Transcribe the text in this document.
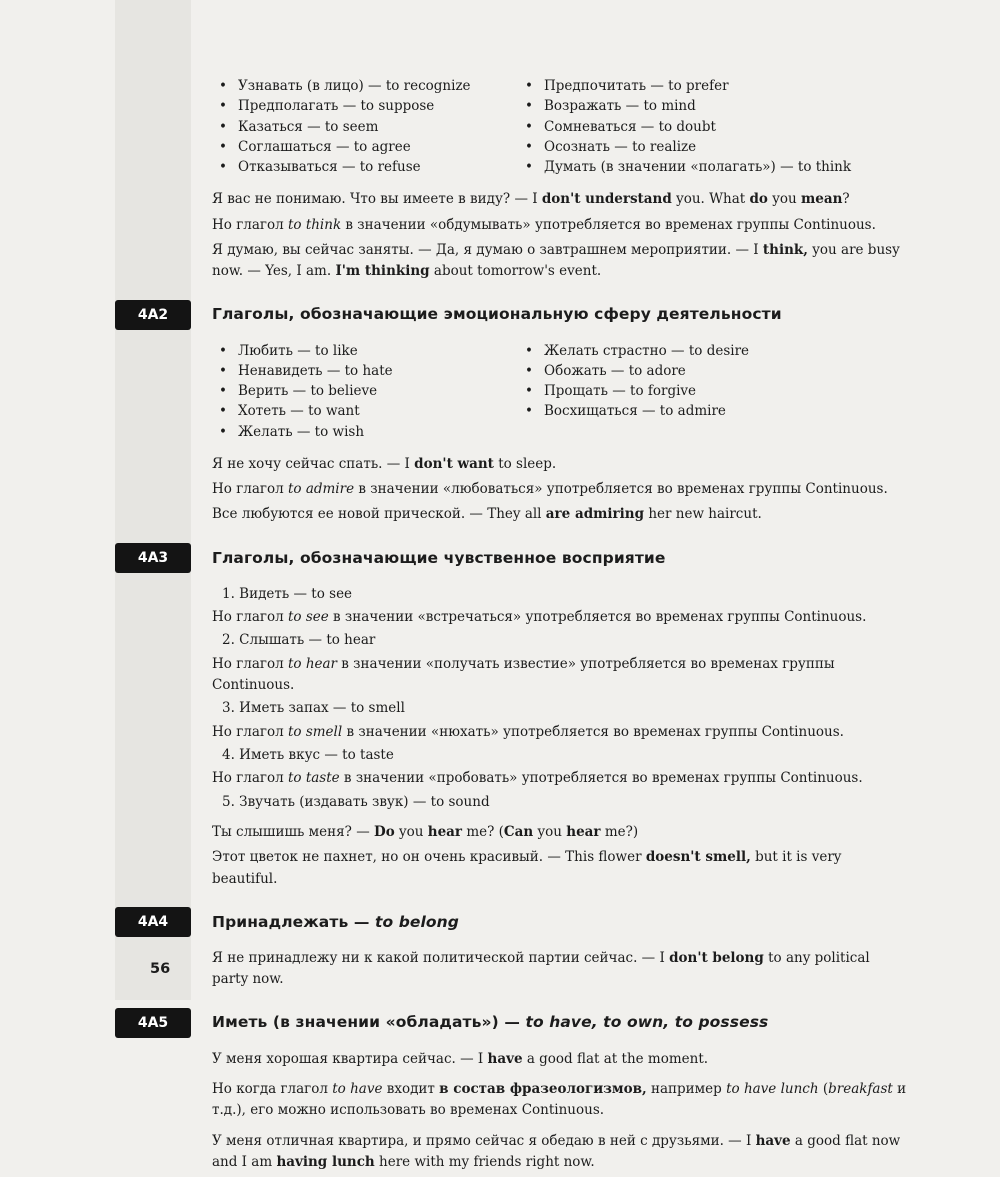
• Узнавать (в лицо) — to recognize
• Предполагать — to suppose
• Казаться — to seem
• Соглашаться — to agree
• Отказываться — to refuse
• Предпочитать — to prefer
• Возражать — to mind
• Сомневаться — to doubt
• Осознать — to realize
• Думать (в значении «полагать») — to think

Я вас не понимаю. Что вы имеете в виду? — I don't understand you. What do you mean?

Но глагол to think в значении «обдумывать» употребляется во временах группы Continuous.

Я думаю, вы сейчас заняты. — Да, я думаю о завтрашнем мероприятии. — I think, you are busy now. — Yes, I am. I'm thinking about tomorrow's event.

4A2	Глаголы, обозначающие эмоциональную сферу деятельности
• Любить — to like
• Ненавидеть — to hate
• Верить — to believe
• Хотеть — to want
• Желать — to wish
• Желать страстно — to desire
• Обожать — to adore
• Прощать — to forgive
• Восхищаться — to admire

Я не хочу сейчас спать. — I don't want to sleep.

Но глагол to admire в значении «любоваться» употребляется во временах группы Continuous.

Все любуются ее новой прической. — They all are admiring her new haircut.

4A3	Глаголы, обозначающие чувственное восприятие

1. Видеть — to see

Но глагол to see в значении «встречаться» употребляется во временах группы Continuous.

2. Слышать — to hear

Но глагол to hear в значении «получать известие» употребляется во временах группы Continuous.

3. Иметь запах — to smell

Но глагол to smell в значении «нюхать» употребляется во временах группы Continuous.

4. Иметь вкус — to taste

Но глагол to taste в значении «пробовать» употребляется во временах группы Continuous.

5. Звучать (издавать звук) — to sound

Ты слышишь меня? — Do you hear me? (Can you hear me?)

Этот цветок не пахнет, но он очень красивый. — This flower doesn't smell, but it is very beautiful.

4A4	Принадлежать — to belong

Я не принадлежу ни к какой политической партии сейчас. — I don't belong to any political party now.

4A5	Иметь (в значении «обладать») — to have, to own, to possess

У меня хорошая квартира сейчас. — I have a good flat at the moment.

Но когда глагол to have входит в состав фразеологизмов, например to have lunch (breakfast и т.д.), его можно использовать во временах Continuous.

У меня отличная квартира, и прямо сейчас я обедаю в ней с друзьями. — I have a good flat now and I am having lunch here with my friends right now.

56
